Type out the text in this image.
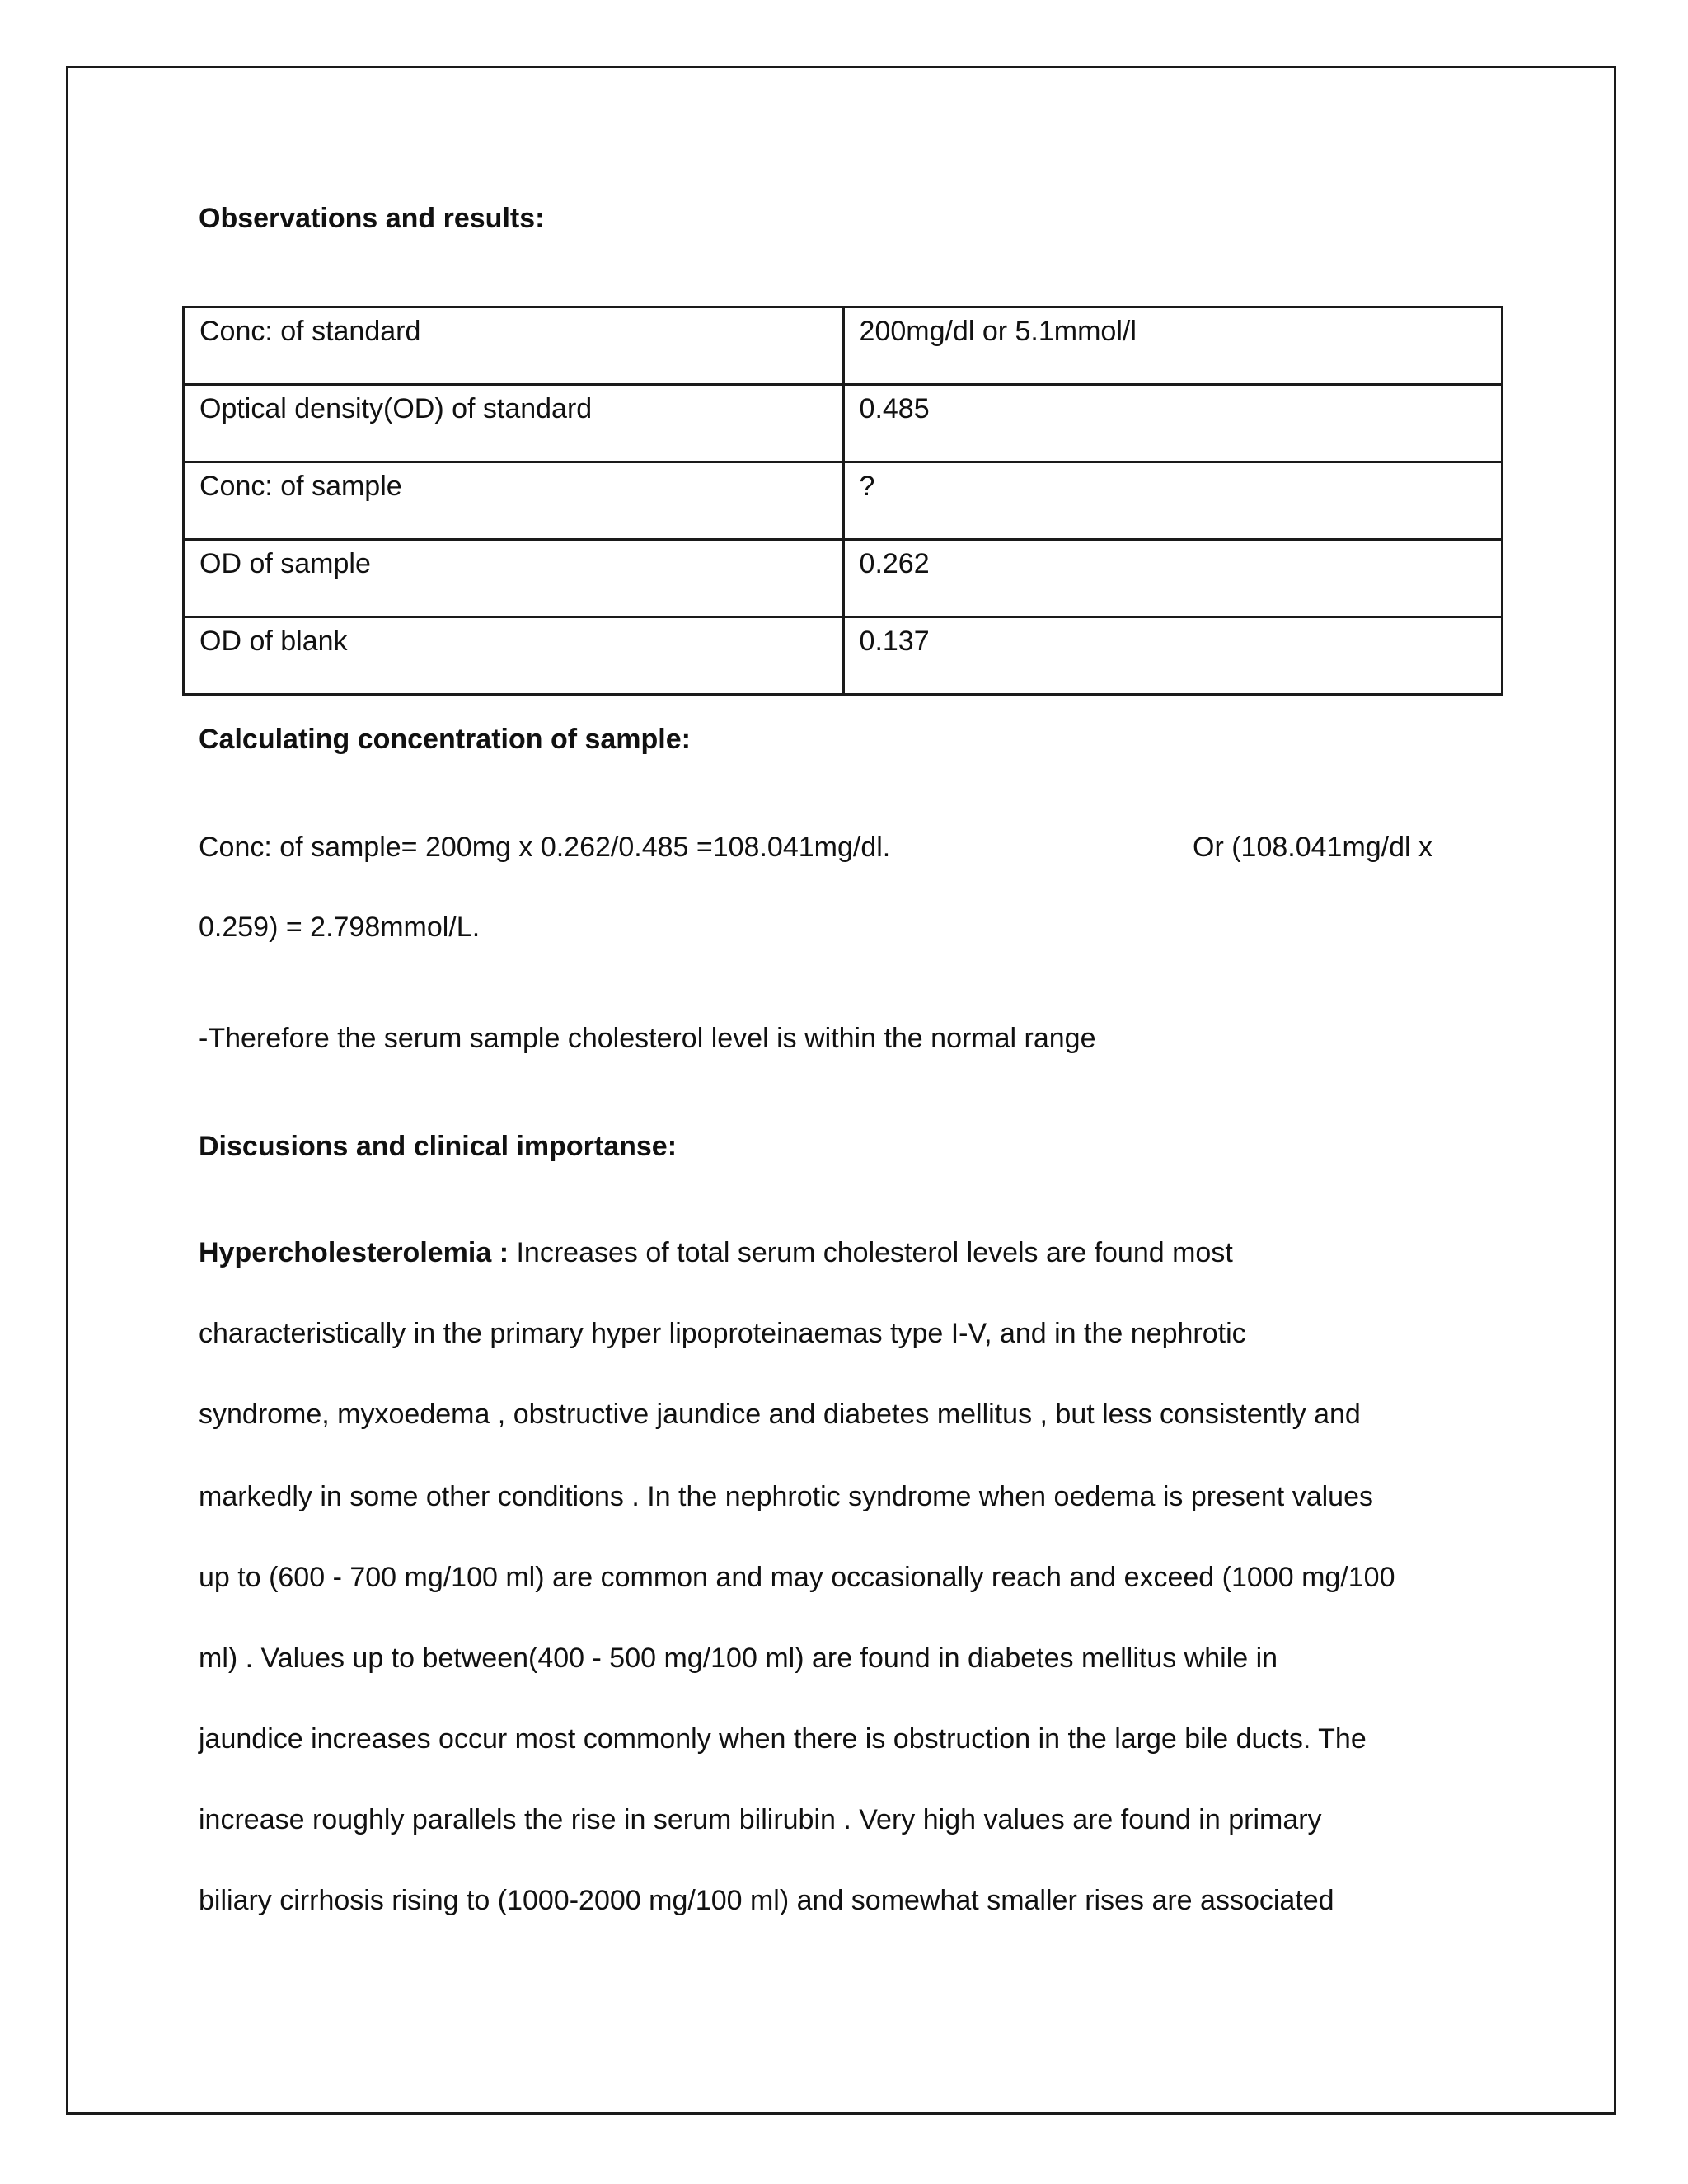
Observations and results:
Conc: of standard	200mg/dl or 5.1mmol/l
Optical density(OD) of standard	0.485
Conc: of sample	?
OD of sample	0.262
OD of blank	0.137
Calculating concentration of sample:
Conc: of sample= 200mg x 0.262/0.485 =108.041mg/dl.	Or (108.041mg/dl x
0.259) = 2.798mmol/L.
-Therefore the serum sample cholesterol level is within the normal range
Discusions and clinical importanse:
Hypercholesterolemia : Increases of total serum cholesterol levels are found most
characteristically in the primary hyper lipoproteinaemas type I-V, and in the nephrotic
syndrome, myxoedema , obstructive jaundice and diabetes mellitus , but less consistently and
markedly in some other conditions . In the nephrotic syndrome when oedema is present values
up to (600 - 700 mg/100 ml) are common and may occasionally reach and exceed (1000 mg/100
ml) . Values up to between(400 - 500 mg/100 ml) are found in diabetes mellitus while in
jaundice increases occur most commonly when there is obstruction in the large bile ducts. The
increase roughly parallels the rise in serum bilirubin . Very high values are found in primary
biliary cirrhosis rising to (1000-2000 mg/100 ml) and somewhat smaller rises are associated
